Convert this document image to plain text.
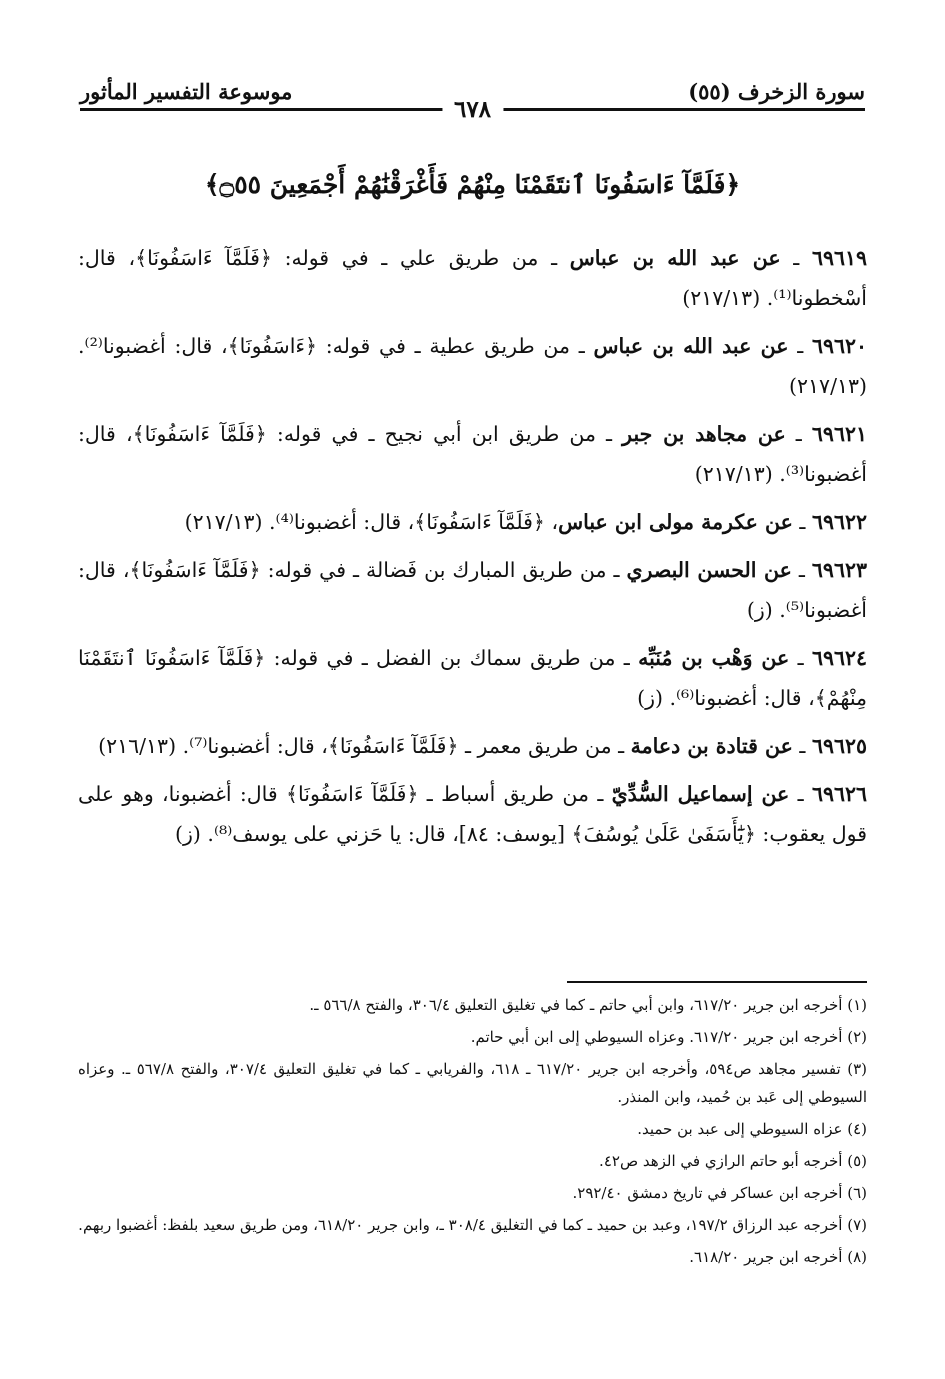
سورة الزخرف (٥٥)
موسوعة التفسير المأثور
٦٧٨
﴿فَلَمَّآ ءَاسَفُونَا ٱنتَقَمْنَا مِنْهُمْ فَأَغْرَقْنَٰهُمْ أَجْمَعِينَ ۝٥٥﴾

٦٩٦١٩ ـ عن عبد الله بن عباس ـ من طريق علي ـ في قوله: ﴿فَلَمَّآ ءَاسَفُونَا﴾، قال: أسْخطونا⁽¹⁾. (٢١٧/١٣)

٦٩٦٢٠ ـ عن عبد الله بن عباس ـ من طريق عطية ـ في قوله: ﴿ءَاسَفُونَا﴾، قال: أغضبونا⁽²⁾. (٢١٧/١٣)

٦٩٦٢١ ـ عن مجاهد بن جبر ـ من طريق ابن أبي نجيح ـ في قوله: ﴿فَلَمَّآ ءَاسَفُونَا﴾، قال: أغضبونا⁽³⁾. (٢١٧/١٣)

٦٩٦٢٢ ـ عن عكرمة مولى ابن عباس، ﴿فَلَمَّآ ءَاسَفُونَا﴾، قال: أغضبونا⁽⁴⁾. (٢١٧/١٣)

٦٩٦٢٣ ـ عن الحسن البصري ـ من طريق المبارك بن فَضالة ـ في قوله: ﴿فَلَمَّآ ءَاسَفُونَا﴾، قال: أغضبونا⁽⁵⁾. (ز)

٦٩٦٢٤ ـ عن وَهْب بن مُنَبِّه ـ من طريق سماك بن الفضل ـ في قوله: ﴿فَلَمَّآ ءَاسَفُونَا ٱنتَقَمْنَا مِنْهُمْ﴾، قال: أغضبونا⁽⁶⁾. (ز)

٦٩٦٢٥ ـ عن قتادة بن دعامة ـ من طريق معمر ـ ﴿فَلَمَّآ ءَاسَفُونَا﴾، قال: أغضبونا⁽⁷⁾. (٢١٦/١٣)

٦٩٦٢٦ ـ عن إسماعيل السُّدِّيّ ـ من طريق أسباط ـ ﴿فَلَمَّآ ءَاسَفُونَا﴾ قال: أغضبونا، وهو على قول يعقوب: ﴿يَٰٓأَسَفَىٰ عَلَىٰ يُوسُفَ﴾ [يوسف: ٨٤]، قال: يا حَزني على يوسف⁽⁸⁾. (ز)

(١) أخرجه ابن جرير ٦١٧/٢٠، وابن أبي حاتم ـ كما في تغليق التعليق ٣٠٦/٤، والفتح ٥٦٦/٨ ـ.

(٢) أخرجه ابن جرير ٦١٧/٢٠. وعزاه السيوطي إلى ابن أبي حاتم.

(٣) تفسير مجاهد ص٥٩٤، وأخرجه ابن جرير ٦١٧/٢٠ ـ ٦١٨، والفريابي ـ كما في تغليق التعليق ٣٠٧/٤، والفتح ٥٦٧/٨ ـ. وعزاه السيوطي إلى عَبد بن حُميد، وابن المنذر.

(٤) عزاه السيوطي إلى عبد بن حميد.

(٥) أخرجه أبو حاتم الرازي في الزهد ص٤٢.

(٦) أخرجه ابن عساكر في تاريخ دمشق ٢٩٢/٤٠.

(٧) أخرجه عبد الرزاق ١٩٧/٢، وعبد بن حميد ـ كما في التغليق ٣٠٨/٤ ـ، وابن جرير ٦١٨/٢٠، ومن طريق سعيد بلفظ: أغضبوا ربهم.

(٨) أخرجه ابن جرير ٦١٨/٢٠.
